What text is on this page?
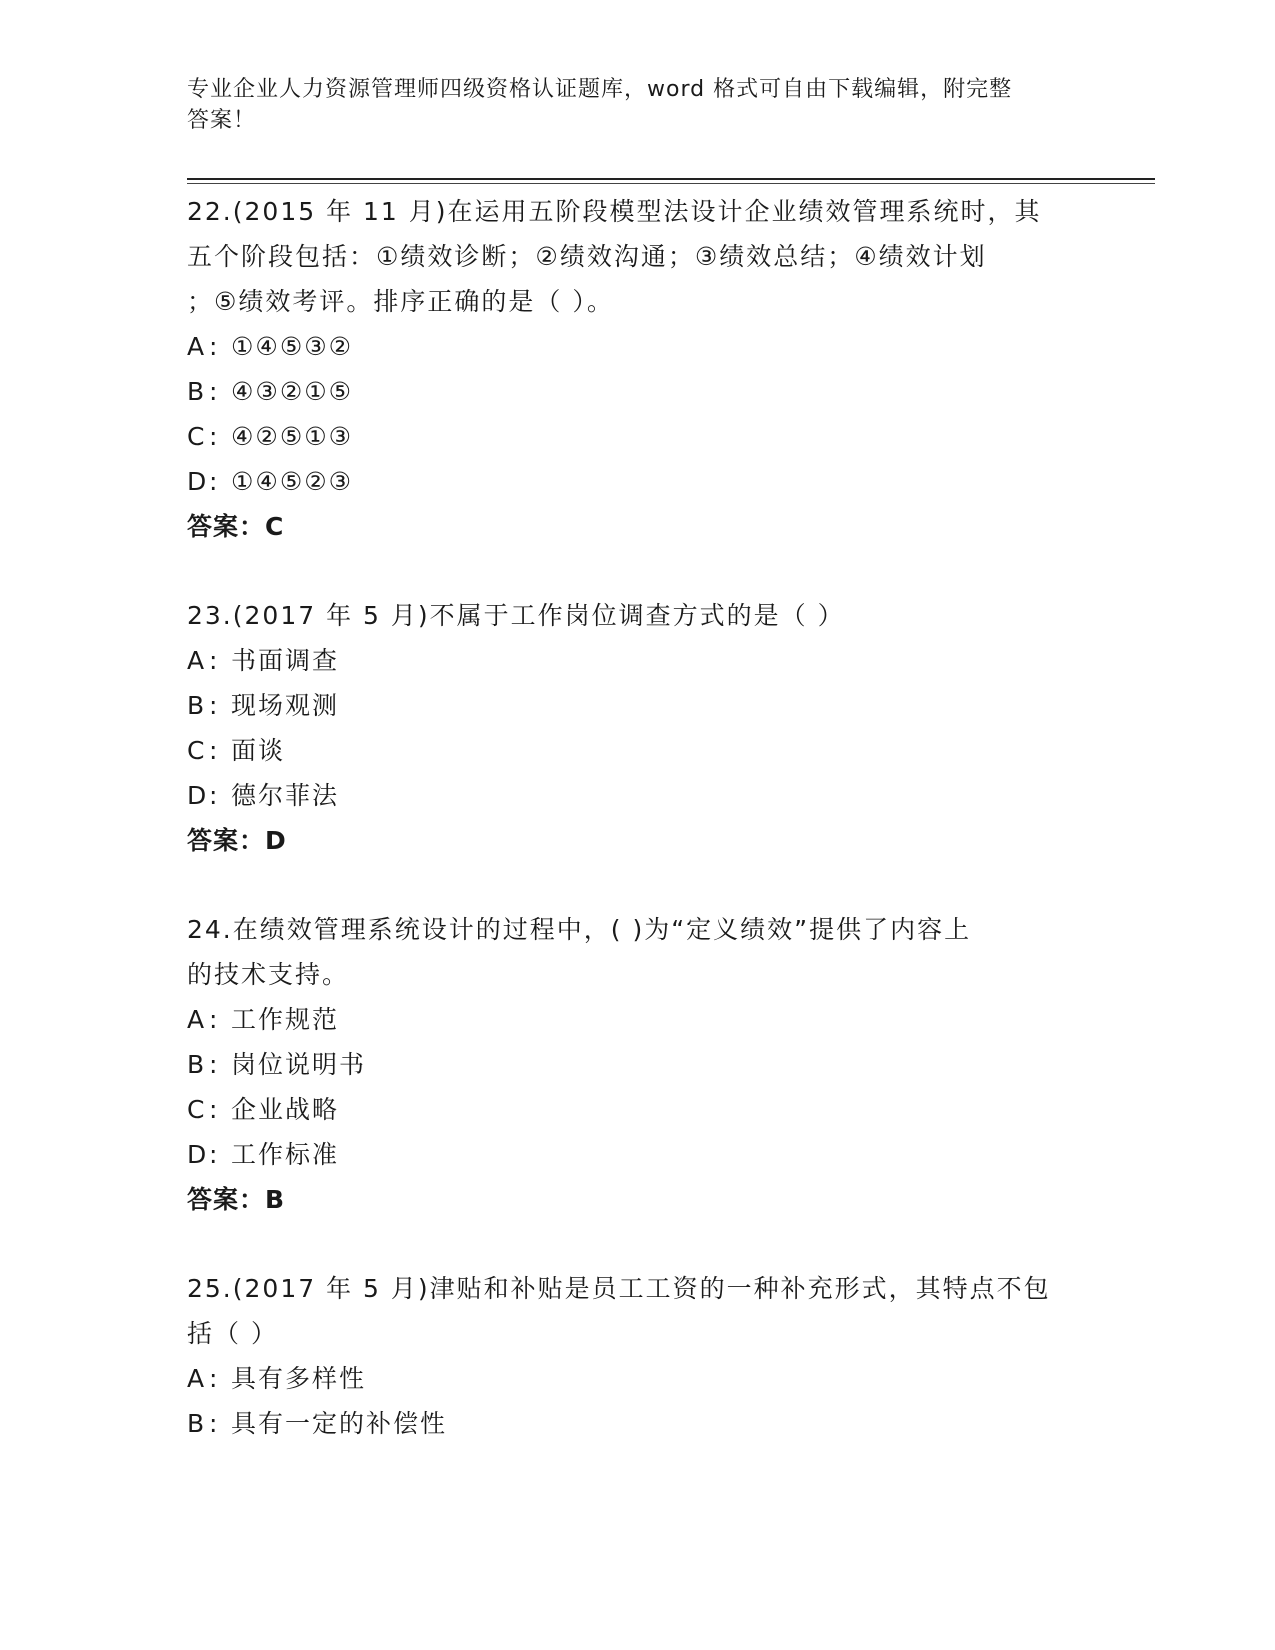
专业企业人力资源管理师四级资格认证题库，word 格式可自由下载编辑，附完整
答案！
22.(2015 年 11 月)在运用五阶段模型法设计企业绩效管理系统时，其
五个阶段包括：①绩效诊断；②绩效沟通；③绩效总结；④绩效计划
；⑤绩效考评。排序正确的是（ ）。
A : ①④⑤③②
B : ④③②①⑤
C : ④②⑤①③
D: ①④⑤②③
答案：C
23.(2017 年 5 月)不属于工作岗位调查方式的是（ ）
A : 书面调查
B : 现场观测
C : 面谈
D: 德尔菲法
答案：D
24.在绩效管理系统设计的过程中，( )为“定义绩效”提供了内容上
的技术支持。
A : 工作规范
B : 岗位说明书
C : 企业战略
D: 工作标准
答案：B
25.(2017 年 5 月)津贴和补贴是员工工资的一种补充形式，其特点不包
括（ ）
A : 具有多样性
B : 具有一定的补偿性
